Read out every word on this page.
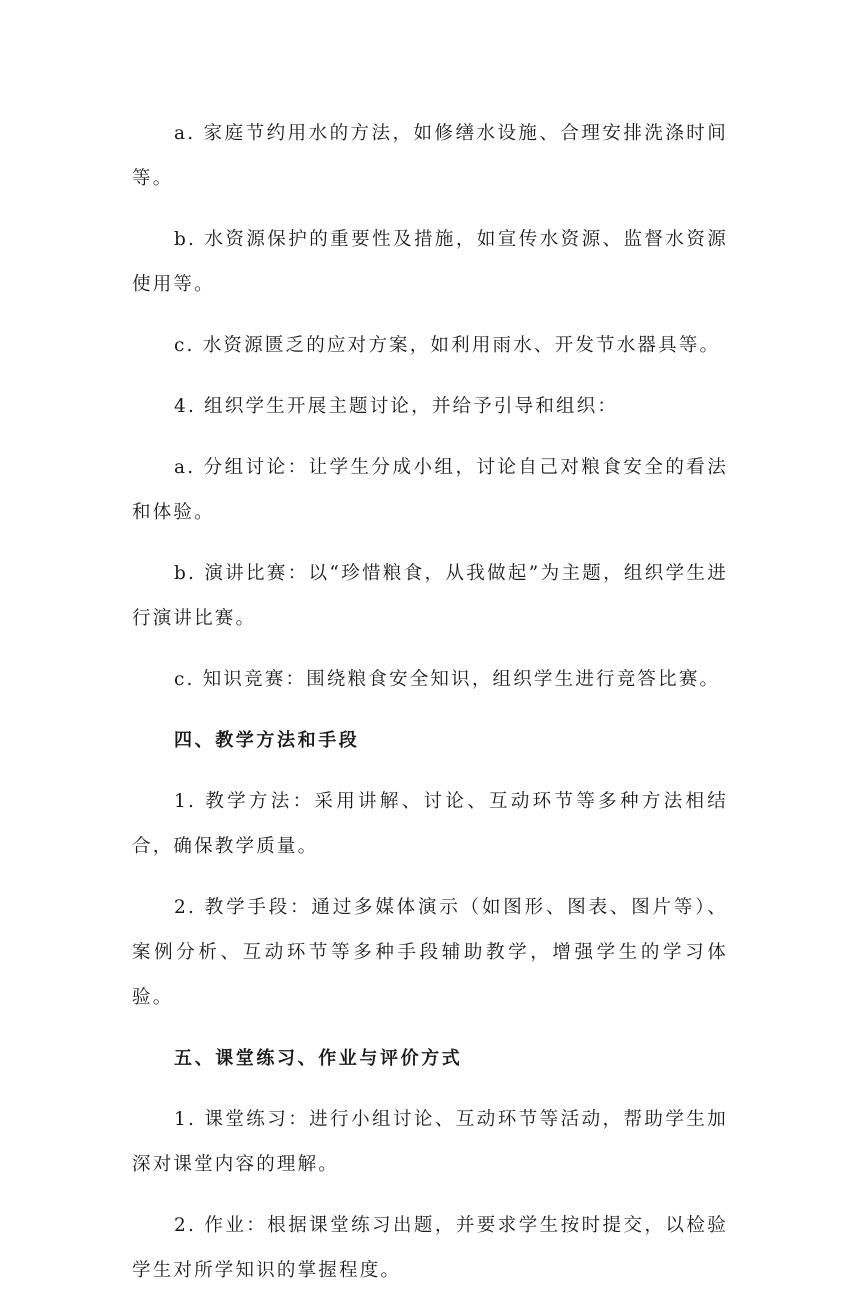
a. 家庭节约用水的方法，如修缮水设施、合理安排洗涤时间等。

b. 水资源保护的重要性及措施，如宣传水资源、监督水资源使用等。

c. 水资源匮乏的应对方案，如利用雨水、开发节水器具等。

4. 组织学生开展主题讨论，并给予引导和组织：

a. 分组讨论：让学生分成小组，讨论自己对粮食安全的看法和体验。

b. 演讲比赛：以“珍惜粮食，从我做起”为主题，组织学生进行演讲比赛。

c. 知识竞赛：围绕粮食安全知识，组织学生进行竞答比赛。

四、教学方法和手段

1. 教学方法：采用讲解、讨论、互动环节等多种方法相结合，确保教学质量。

2. 教学手段：通过多媒体演示（如图形、图表、图片等）、案例分析、互动环节等多种手段辅助教学，增强学生的学习体验。

五、课堂练习、作业与评价方式

1. 课堂练习：进行小组讨论、互动环节等活动，帮助学生加深对课堂内容的理解。

2. 作业：根据课堂练习出题，并要求学生按时提交，以检验学生对所学知识的掌握程度。
